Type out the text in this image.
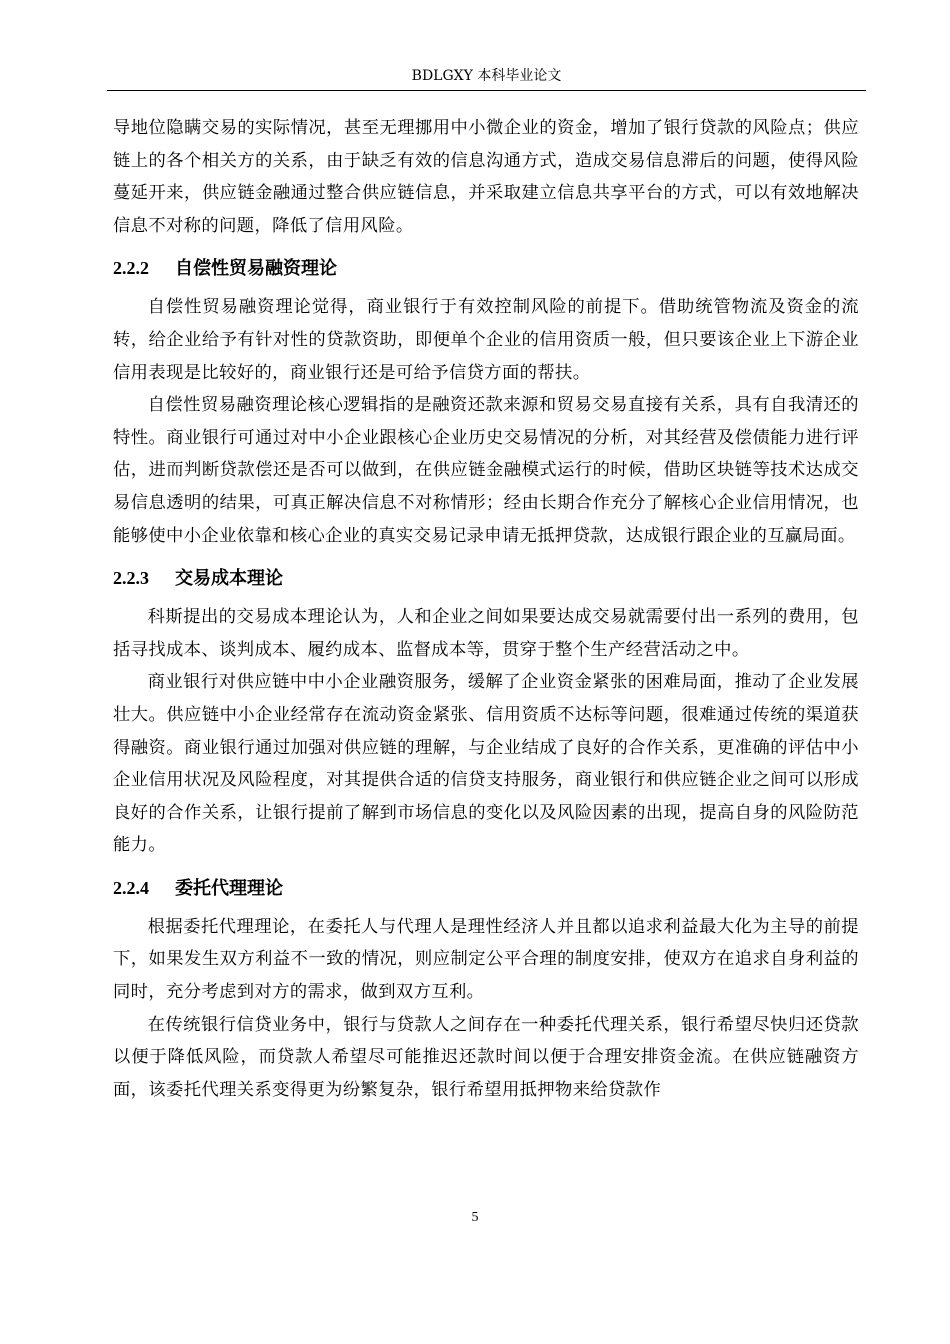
BDLGXY 本科毕业论文

导地位隐瞒交易的实际情况，甚至无理挪用中小微企业的资金，增加了银行贷款的风险点；供应链上的各个相关方的关系，由于缺乏有效的信息沟通方式，造成交易信息滞后的问题，使得风险蔓延开来，供应链金融通过整合供应链信息，并采取建立信息共享平台的方式，可以有效地解决信息不对称的问题，降低了信用风险。

2.2.2 自偿性贸易融资理论

自偿性贸易融资理论觉得，商业银行于有效控制风险的前提下。借助统管物流及资金的流转，给企业给予有针对性的贷款资助，即便单个企业的信用资质一般，但只要该企业上下游企业信用表现是比较好的，商业银行还是可给予信贷方面的帮扶。

自偿性贸易融资理论核心逻辑指的是融资还款来源和贸易交易直接有关系，具有自我清还的特性。商业银行可通过对中小企业跟核心企业历史交易情况的分析，对其经营及偿债能力进行评估，进而判断贷款偿还是否可以做到，在供应链金融模式运行的时候，借助区块链等技术达成交易信息透明的结果，可真正解决信息不对称情形；经由长期合作充分了解核心企业信用情况，也能够使中小企业依靠和核心企业的真实交易记录申请无抵押贷款，达成银行跟企业的互赢局面。

2.2.3 交易成本理论

科斯提出的交易成本理论认为，人和企业之间如果要达成交易就需要付出一系列的费用，包括寻找成本、谈判成本、履约成本、监督成本等，贯穿于整个生产经营活动之中。

商业银行对供应链中中小企业融资服务，缓解了企业资金紧张的困难局面，推动了企业发展壮大。供应链中小企业经常存在流动资金紧张、信用资质不达标等问题，很难通过传统的渠道获得融资。商业银行通过加强对供应链的理解，与企业结成了良好的合作关系，更准确的评估中小企业信用状况及风险程度，对其提供合适的信贷支持服务，商业银行和供应链企业之间可以形成良好的合作关系，让银行提前了解到市场信息的变化以及风险因素的出现，提高自身的风险防范能力。

2.2.4 委托代理理论

根据委托代理理论，在委托人与代理人是理性经济人并且都以追求利益最大化为主导的前提下，如果发生双方利益不一致的情况，则应制定公平合理的制度安排，使双方在追求自身利益的同时，充分考虑到对方的需求，做到双方互利。

在传统银行信贷业务中，银行与贷款人之间存在一种委托代理关系，银行希望尽快归还贷款以便于降低风险，而贷款人希望尽可能推迟还款时间以便于合理安排资金流。在供应链融资方面，该委托代理关系变得更为纷繁复杂，银行希望用抵押物来给贷款作

5
